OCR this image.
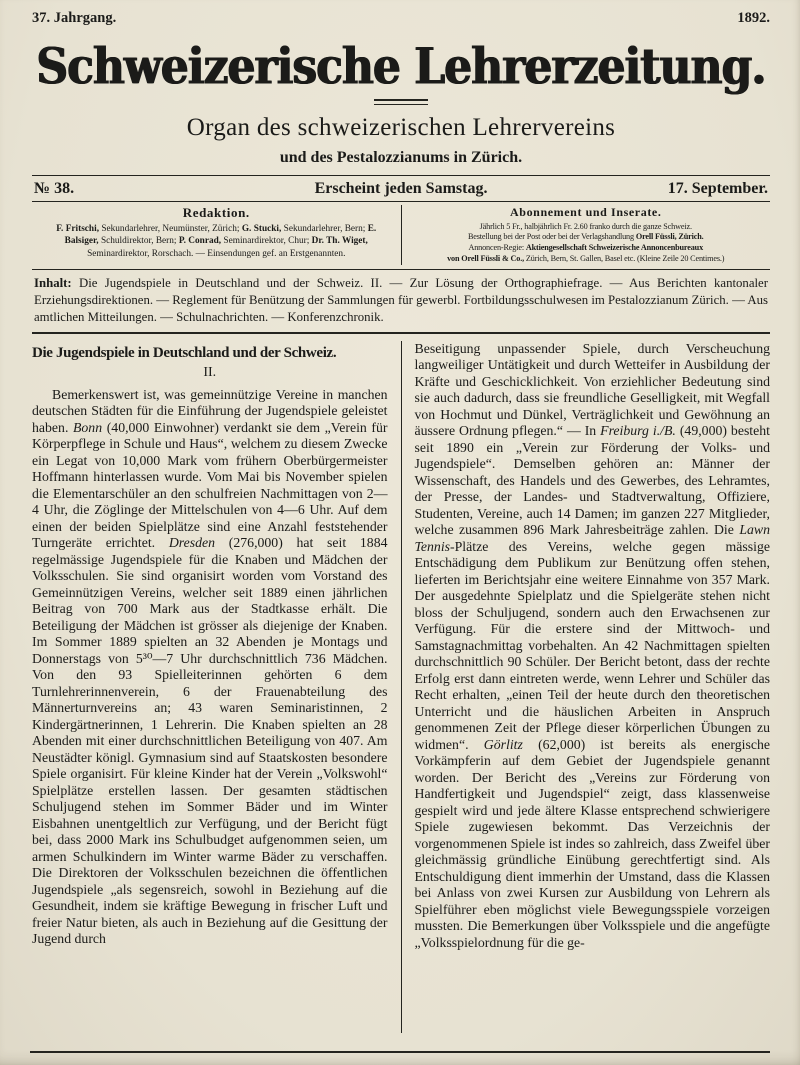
37. Jahrgang.	1892.
Schweizerische Lehrerzeitung.
Organ des schweizerischen Lehrervereins
und des Pestalozzianums in Zürich.
№ 38.	Erscheint jeden Samstag.	17. September.
Redaktion.

F. Fritschi, Sekundarlehrer, Neumünster, Zürich; G. Stucki, Sekundarlehrer, Bern; E. Balsiger, Schuldirektor, Bern; P. Conrad, Seminardirektor, Chur; Dr. Th. Wiget, Seminardirektor, Rorschach. — Einsendungen gef. an Erstgenannten.

Abonnement und Inserate.

Jährlich 5 Fr., halbjährlich Fr. 2.60 franko durch die ganze Schweiz.

Bestellung bei der Post oder bei der Verlagshandlung Orell Füssli, Zürich.

Annoncen-Regie: Aktiengesellschaft Schweizerische Annoncenbureaux

von Orell Füssli & Co., Zürich, Bern, St. Gallen, Basel etc. (Kleine Zeile 20 Centimes.)

Inhalt: Die Jugendspiele in Deutschland und der Schweiz. II. — Zur Lösung der Orthographiefrage. — Aus Berichten kantonaler Erziehungsdirektionen. — Reglement für Benützung der Sammlungen für gewerbl. Fortbildungsschulwesen im Pestalozzianum Zürich. — Aus amtlichen Mitteilungen. — Schulnachrichten. — Konferenzchronik.

Die Jugendspiele in Deutschland und der Schweiz.
II.

Bemerkenswert ist, was gemeinnützige Vereine in manchen deutschen Städten für die Einführung der Jugendspiele geleistet haben. Bonn (40,000 Einwohner) verdankt sie dem „Verein für Körperpflege in Schule und Haus“, welchem zu diesem Zwecke ein Legat von 10,000 Mark vom frühern Oberbürgermeister Hoffmann hinterlassen wurde. Vom Mai bis November spielen die Elementarschüler an den schulfreien Nachmittagen von 2—4 Uhr, die Zöglinge der Mittelschulen von 4—6 Uhr. Auf dem einen der beiden Spielplätze sind eine Anzahl feststehender Turngeräte errichtet. Dresden (276,000) hat seit 1884 regelmässige Jugendspiele für die Knaben und Mädchen der Volksschulen. Sie sind organisirt worden vom Vorstand des Gemeinnützigen Vereins, welcher seit 1889 einen jährlichen Beitrag von 700 Mark aus der Stadtkasse erhält. Die Beteiligung der Mädchen ist grösser als diejenige der Knaben. Im Sommer 1889 spielten an 32 Abenden je Montags und Donnerstags von 5³⁰—7 Uhr durchschnittlich 736 Mädchen. Von den 93 Spielleiterinnen gehörten 6 dem Turnlehrerinnenverein, 6 der Frauenabteilung des Männerturnvereins an; 43 waren Seminaristinnen, 2 Kindergärtnerinnen, 1 Lehrerin. Die Knaben spielten an 28 Abenden mit einer durchschnittlichen Beteiligung von 407. Am Neustädter königl. Gymnasium sind auf Staatskosten besondere Spiele organisirt. Für kleine Kinder hat der Verein „Volkswohl“ Spielplätze erstellen lassen. Der gesamten städtischen Schuljugend stehen im Sommer Bäder und im Winter Eisbahnen unentgeltlich zur Verfügung, und der Bericht fügt bei, dass 2000 Mark ins Schulbudget aufgenommen seien, um armen Schulkindern im Winter warme Bäder zu verschaffen. Die Direktoren der Volksschulen bezeichnen die öffentlichen Jugendspiele „als segensreich, sowohl in Beziehung auf die Gesundheit, indem sie kräftige Bewegung in frischer Luft und freier Natur bieten, als auch in Beziehung auf die Gesittung der Jugend durch

Beseitigung unpassender Spiele, durch Verscheuchung langweiliger Untätigkeit und durch Wetteifer in Ausbildung der Kräfte und Geschicklichkeit. Von erziehlicher Bedeutung sind sie auch dadurch, dass sie freundliche Geselligkeit, mit Wegfall von Hochmut und Dünkel, Verträglichkeit und Gewöhnung an äussere Ordnung pflegen.“ — In Freiburg i./B. (49,000) besteht seit 1890 ein „Verein zur Förderung der Volks- und Jugendspiele“. Demselben gehören an: Männer der Wissenschaft, des Handels und des Gewerbes, des Lehramtes, der Presse, der Landes- und Stadtverwaltung, Offiziere, Studenten, Vereine, auch 14 Damen; im ganzen 227 Mitglieder, welche zusammen 896 Mark Jahresbeiträge zahlen. Die Lawn Tennis-Plätze des Vereins, welche gegen mässige Entschädigung dem Publikum zur Benützung offen stehen, lieferten im Berichtsjahr eine weitere Einnahme von 357 Mark. Der ausgedehnte Spielplatz und die Spielgeräte stehen nicht bloss der Schuljugend, sondern auch den Erwachsenen zur Verfügung. Für die erstere sind der Mittwoch- und Samstagnachmittag vorbehalten. An 42 Nachmittagen spielten durchschnittlich 90 Schüler. Der Bericht betont, dass der rechte Erfolg erst dann eintreten werde, wenn Lehrer und Schüler das Recht erhalten, „einen Teil der heute durch den theoretischen Unterricht und die häuslichen Arbeiten in Anspruch genommenen Zeit der Pflege dieser körperlichen Übungen zu widmen“. Görlitz (62,000) ist bereits als energische Vorkämpferin auf dem Gebiet der Jugendspiele genannt worden. Der Bericht des „Vereins zur Förderung von Handfertigkeit und Jugendspiel“ zeigt, dass klassenweise gespielt wird und jede ältere Klasse entsprechend schwierigere Spiele zugewiesen bekommt. Das Verzeichnis der vorgenommenen Spiele ist indes so zahlreich, dass Zweifel über gleichmässig gründliche Einübung gerechtfertigt sind. Als Entschuldigung dient immerhin der Umstand, dass die Klassen bei Anlass von zwei Kursen zur Ausbildung von Lehrern als Spielführer eben möglichst viele Bewegungsspiele vorzeigen mussten. Die Bemerkungen über Volksspiele und die angefügte „Volksspielordnung für die ge-
